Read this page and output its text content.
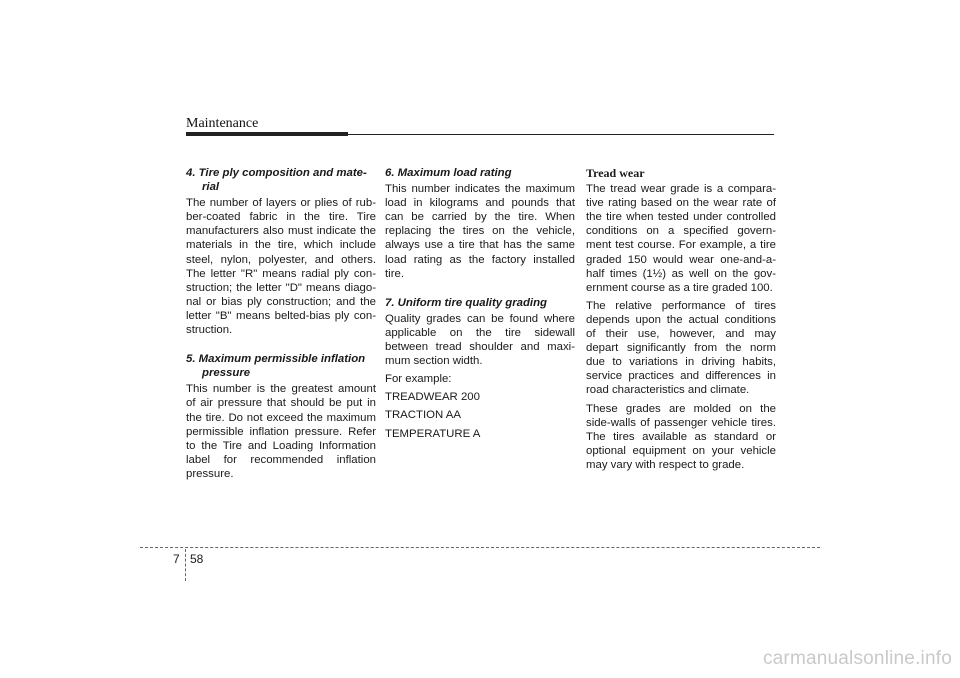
Maintenance
4. Tire ply composition and mate-
rial

The number of layers or plies of rub- ber-coated fabric in the tire. Tire manufacturers also must indicate the materials in the tire, which include steel, nylon, polyester, and others. The letter "R" means radial ply con- struction; the letter "D" means diago- nal or bias ply construction; and the letter "B" means belted-bias ply con- struction.

5. Maximum permissible inflation
pressure

This number is the greatest amount of air pressure that should be put in the tire. Do not exceed the maximum permissible inflation pressure. Refer to the Tire and Loading Information label for recommended inflation pressure.

6. Maximum load rating

This number indicates the maximum load in kilograms and pounds that can be carried by the tire. When replacing the tires on the vehicle, always use a tire that has the same load rating as the factory installed tire.

7. Uniform tire quality grading

Quality grades can be found where applicable on the tire sidewall between tread shoulder and maxi- mum section width.

For example:

TREADWEAR 200

TRACTION AA

TEMPERATURE A

Tread wear

The tread wear grade is a compara- tive rating based on the wear rate of the tire when tested under controlled conditions on a specified govern- ment test course. For example, a tire graded 150 would wear one-and-a- half times (1½) as well on the gov- ernment course as a tire graded 100.

The relative performance of tires depends upon the actual conditions of their use, however, and may depart significantly from the norm due to variations in driving habits, service practices and differences in road characteristics and climate.

These grades are molded on the side-walls of passenger vehicle tires. The tires available as standard or optional equipment on your vehicle may vary with respect to grade.

7 58
carmanualsonline.info
